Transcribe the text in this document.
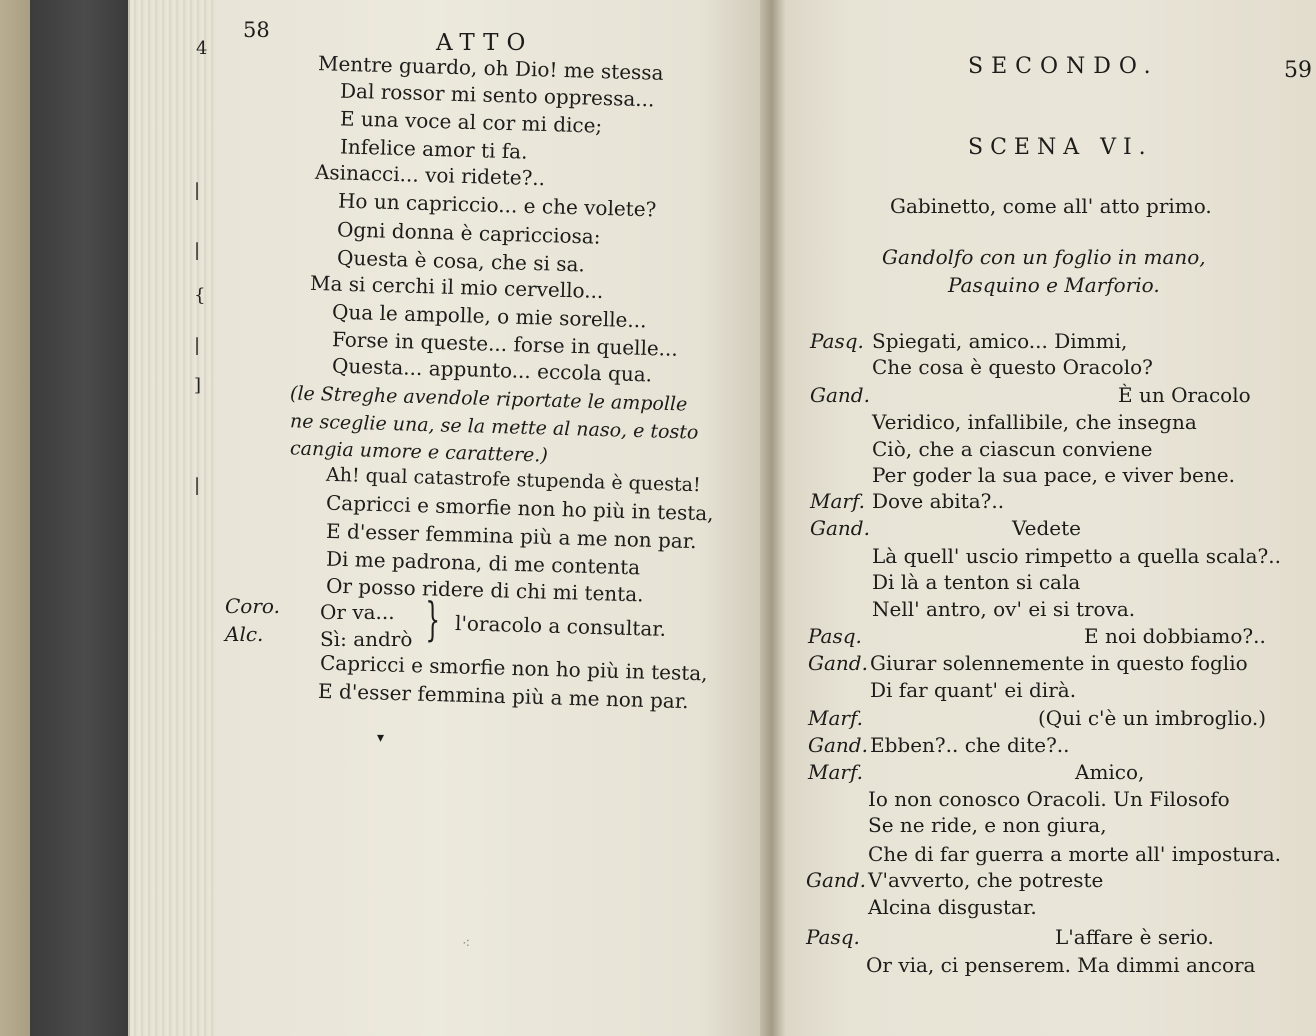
4
|
|
{
|
]
|
58	ATTO
Mentre guardo, oh Dio! me stessa
Dal rossor mi sento oppressa...
E una voce al cor mi dice;
Infelice amor ti fa.
Asinacci... voi ridete?..
Ho un capriccio... e che volete?
Ogni donna è capricciosa:
Questa è cosa, che si sa.
Ma si cerchi il mio cervello...
Qua le ampolle, o mie sorelle...
Forse in queste... forse in quelle...
Questa... appunto... eccola qua.
(le Streghe avendole riportate le ampolle
ne sceglie una, se la mette al naso, e tosto
cangia umore e carattere.)
Ah! qual catastrofe stupenda è questa!
Capricci e smorfie non ho più in testa,
E d'esser femmina più a me non par.
Di me padrona, di me contenta
Or posso ridere di chi mi tenta.
Coro. Or va...
Alc.	Sì: andrò } l'oracolo a consultar.
Capricci e smorfie non ho più in testa,
E d'esser femmina più a me non par.
▾
⁖
SECONDO.	59
SCENA VI.
Gabinetto, come all' atto primo.
Gandolfo con un foglio in mano,
Pasquino e Marforio.
Pasq. Spiegati, amico... Dimmi,
Che cosa è questo Oracolo?
Gand.	È un Oracolo
Veridico, infallibile, che insegna
Ciò, che a ciascun conviene
Per goder la sua pace, e viver bene.
Marf. Dove abita?..
Gand.	Vedete
Là quell' uscio rimpetto a quella scala?..
Di là a tenton si cala
Nell' antro, ov' ei si trova.
Pasq.	E noi dobbiamo?..
Gand. Giurar solennemente in questo foglio
Di far quant' ei dirà.
Marf.	(Qui c'è un imbroglio.)
Gand. Ebben?.. che dite?..
Marf.	Amico,
Io non conosco Oracoli. Un Filosofo
Se ne ride, e non giura,
Che di far guerra a morte all' impostura.
Gand. V'avverto, che potreste
Alcina disgustar.
Pasq.	L'affare è serio.
Or via, ci penserem. Ma dimmi ancora
